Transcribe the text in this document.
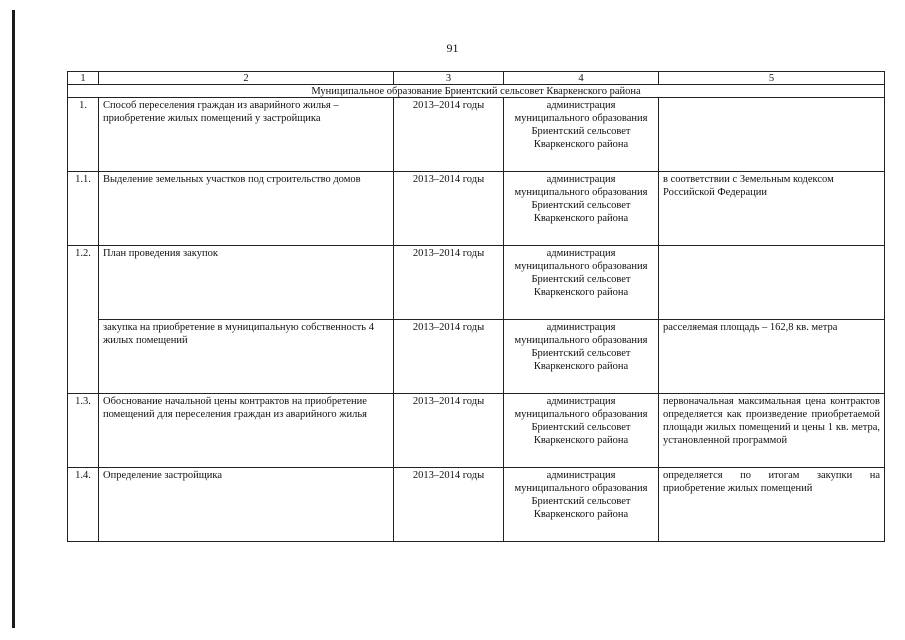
91
1	2	3	4	5
Муниципальное образование Бриентский сельсовет Кваркенского района				
1.	Способ переселения граждан из аварийного жилья – приобретение жилых помещений у застройщика	2013–2014 годы	администрация муниципального образования Бриентский сельсовет Кваркенского района	
1.1.	Выделение земельных участков под строительство домов	2013–2014 годы	администрация муниципального образования Бриентский сельсовет Кваркенского района	в соответствии с Земельным кодексом Российской Федерации
1.2.	План проведения закупок	2013–2014 годы	администрация муниципального образования Бриентский сельсовет Кваркенского района	
	закупка на приобретение в муниципальную собственность 4 жилых помещений	2013–2014 годы	администрация муниципального образования Бриентский сельсовет Кваркенского района	расселяемая площадь – 162,8 кв. метра
1.3.	Обоснование начальной цены контрактов на приобретение помещений для переселения граждан из аварийного жилья	2013–2014 годы	администрация муниципального образования Бриентский сельсовет Кваркенского района	первоначальная максимальная цена контрактов определяется как произведение приобретаемой площади жилых помещений и цены 1 кв. метра, установленной программой
1.4.	Определение застройщика	2013–2014 годы	администрация муниципального образования Бриентский сельсовет Кваркенского района	определяется по итогам закупки на приобретение жилых помещений
